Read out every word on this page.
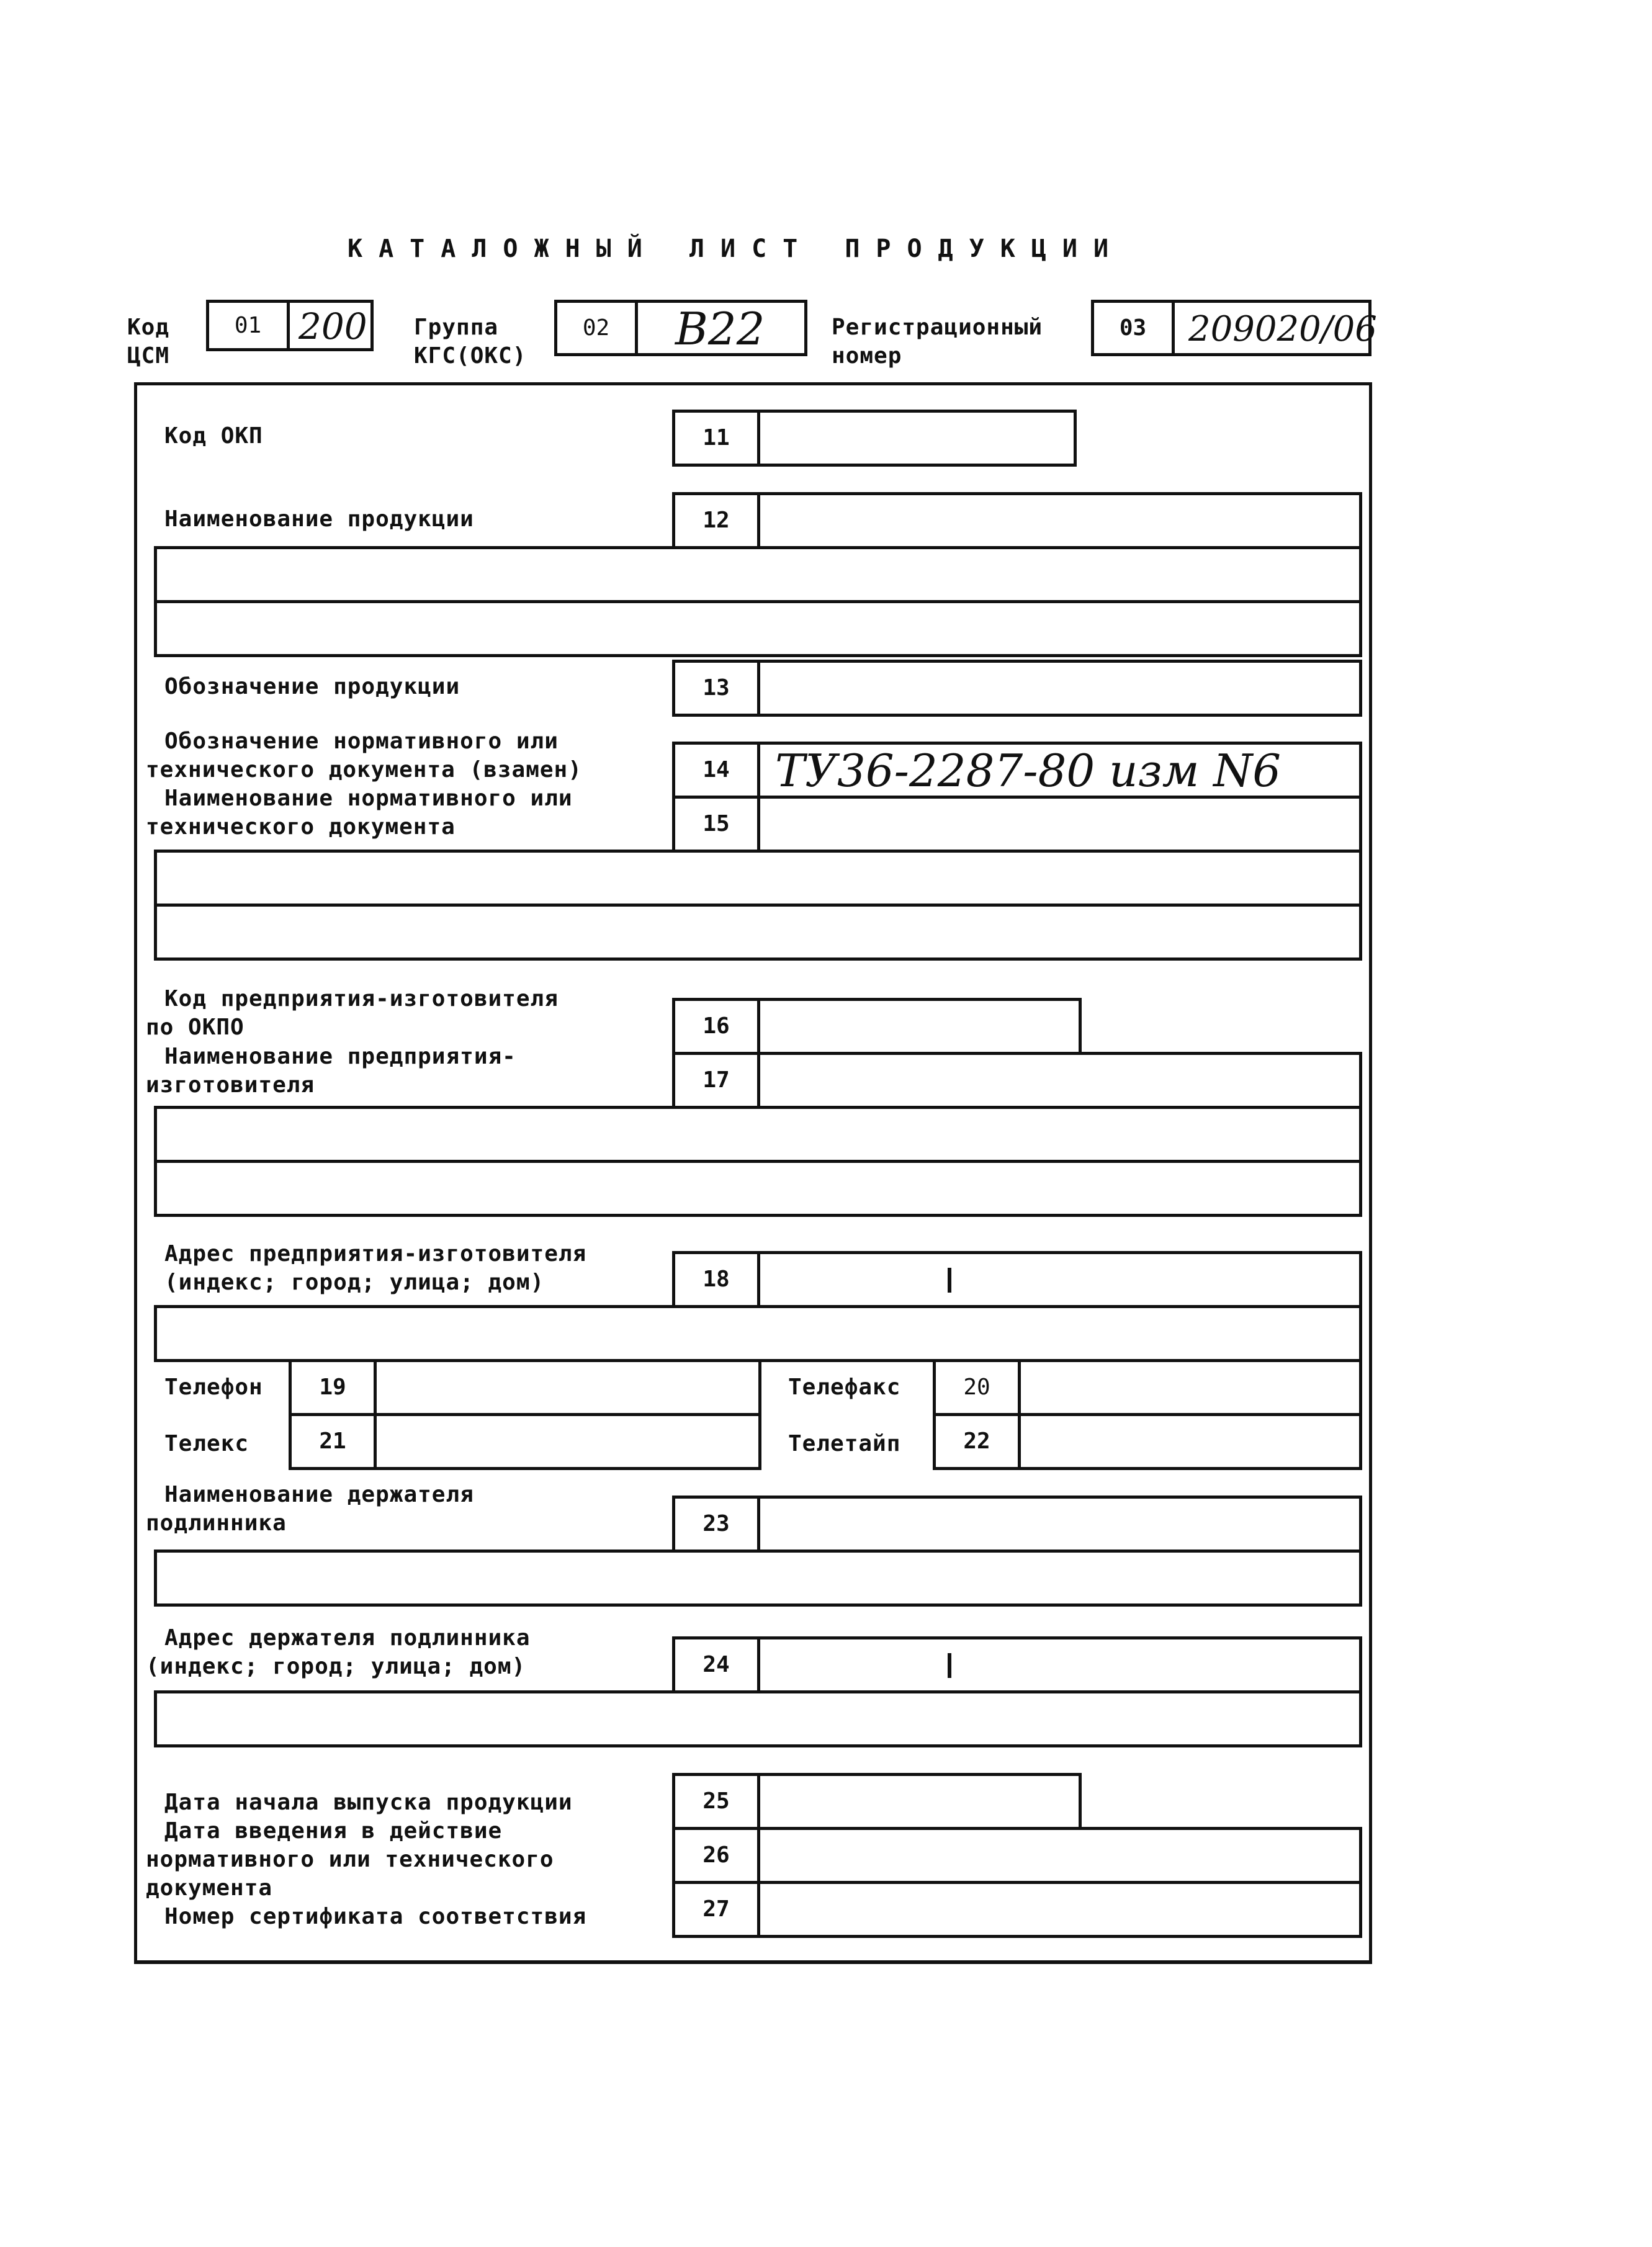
КАТАЛОЖНЫЙ ЛИСТ ПРОДУКЦИИ
Код
ЦСМ
01	200 Группа
КГС(ОКС)
02	В22	Регистрационный
номер
03	209020/06
Код ОКП	11
Наименование продукции	12
Обозначение продукции	13
Обозначение нормативного или
технического документа (взамен)	14	ТУ36-2287-80 изм N6
Наименование нормативного или
технического документа	15
Код предприятия-изготовителя
по ОКПО	16
Наименование предприятия-
изготовителя	17
Адрес предприятия-изготовителя
(индекс; город; улица; дом)	18
Телефон	19	Телефакс	20
Телекс	21	Телетайп	22
Наименование держателя
подлинника	23
Адрес держателя подлинника
(индекс; город; улица; дом)	24
Дата начала выпуска продукции	25
Дата введения в действие
нормативного или технического
документа
26
Номер сертификата соответствия	27
